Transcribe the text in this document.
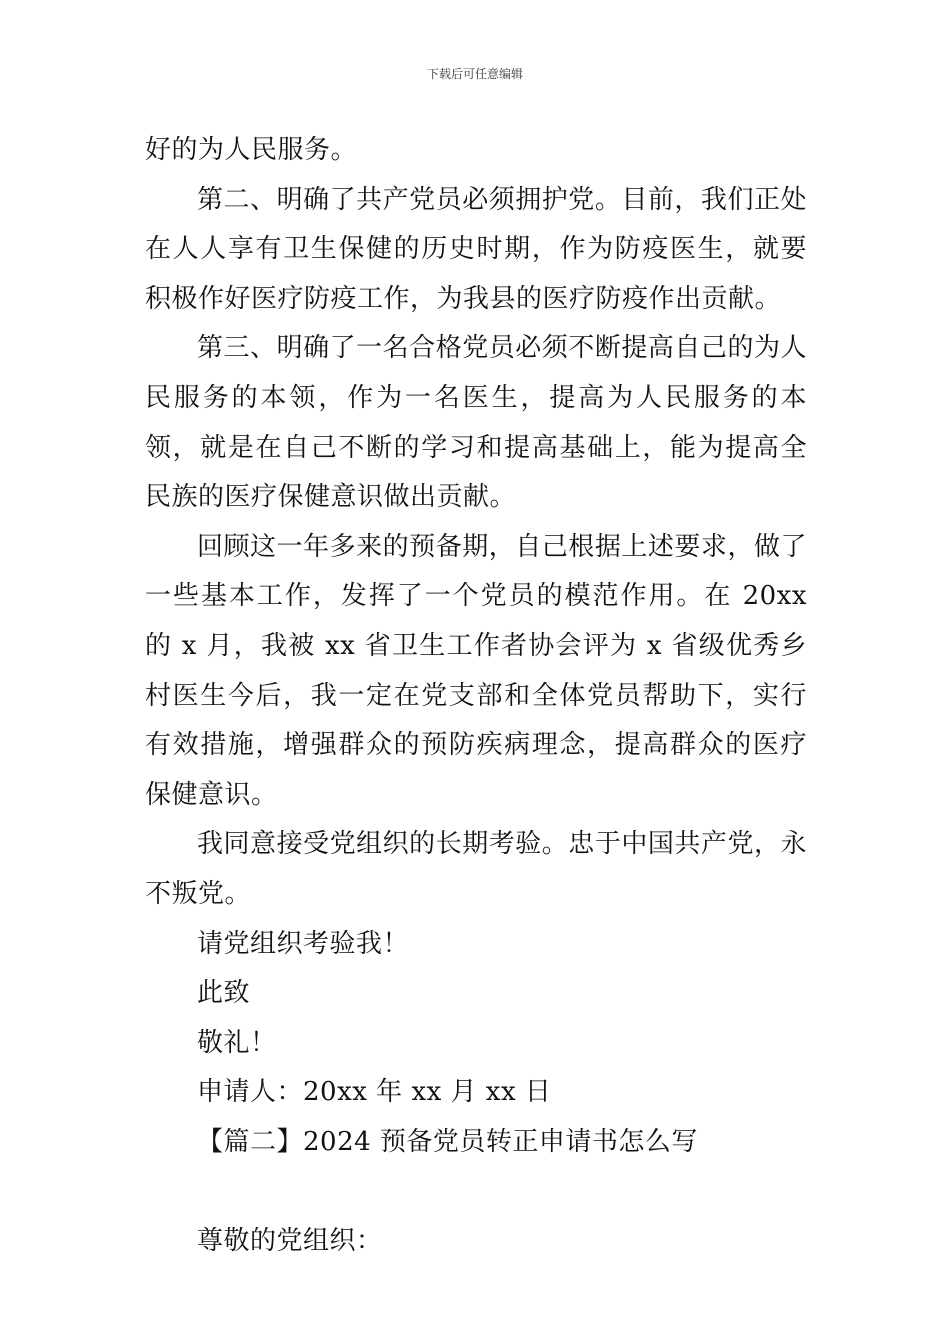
下载后可任意编辑

好的为人民服务。

第二、明确了共产党员必须拥护党。目前，我们正处在人人享有卫生保健的历史时期，作为防疫医生，就要积极作好医疗防疫工作，为我县的医疗防疫作出贡献。

第三、明确了一名合格党员必须不断提高自己的为人民服务的本领，作为一名医生，提高为人民服务的本领，就是在自己不断的学习和提高基础上，能为提高全民族的医疗保健意识做出贡献。

回顾这一年多来的预备期，自己根据上述要求，做了一些基本工作，发挥了一个党员的模范作用。在 20xx 的 x 月，我被 xx 省卫生工作者协会评为 x 省级优秀乡村医生今后，我一定在党支部和全体党员帮助下，实行有效措施，增强群众的预防疾病理念，提高群众的医疗保健意识。

我同意接受党组织的长期考验。忠于中国共产党，永不叛党。

请党组织考验我！

此致

敬礼！

申请人：20xx 年 xx 月 xx 日

【篇二】2024 预备党员转正申请书怎么写

尊敬的党组织：
